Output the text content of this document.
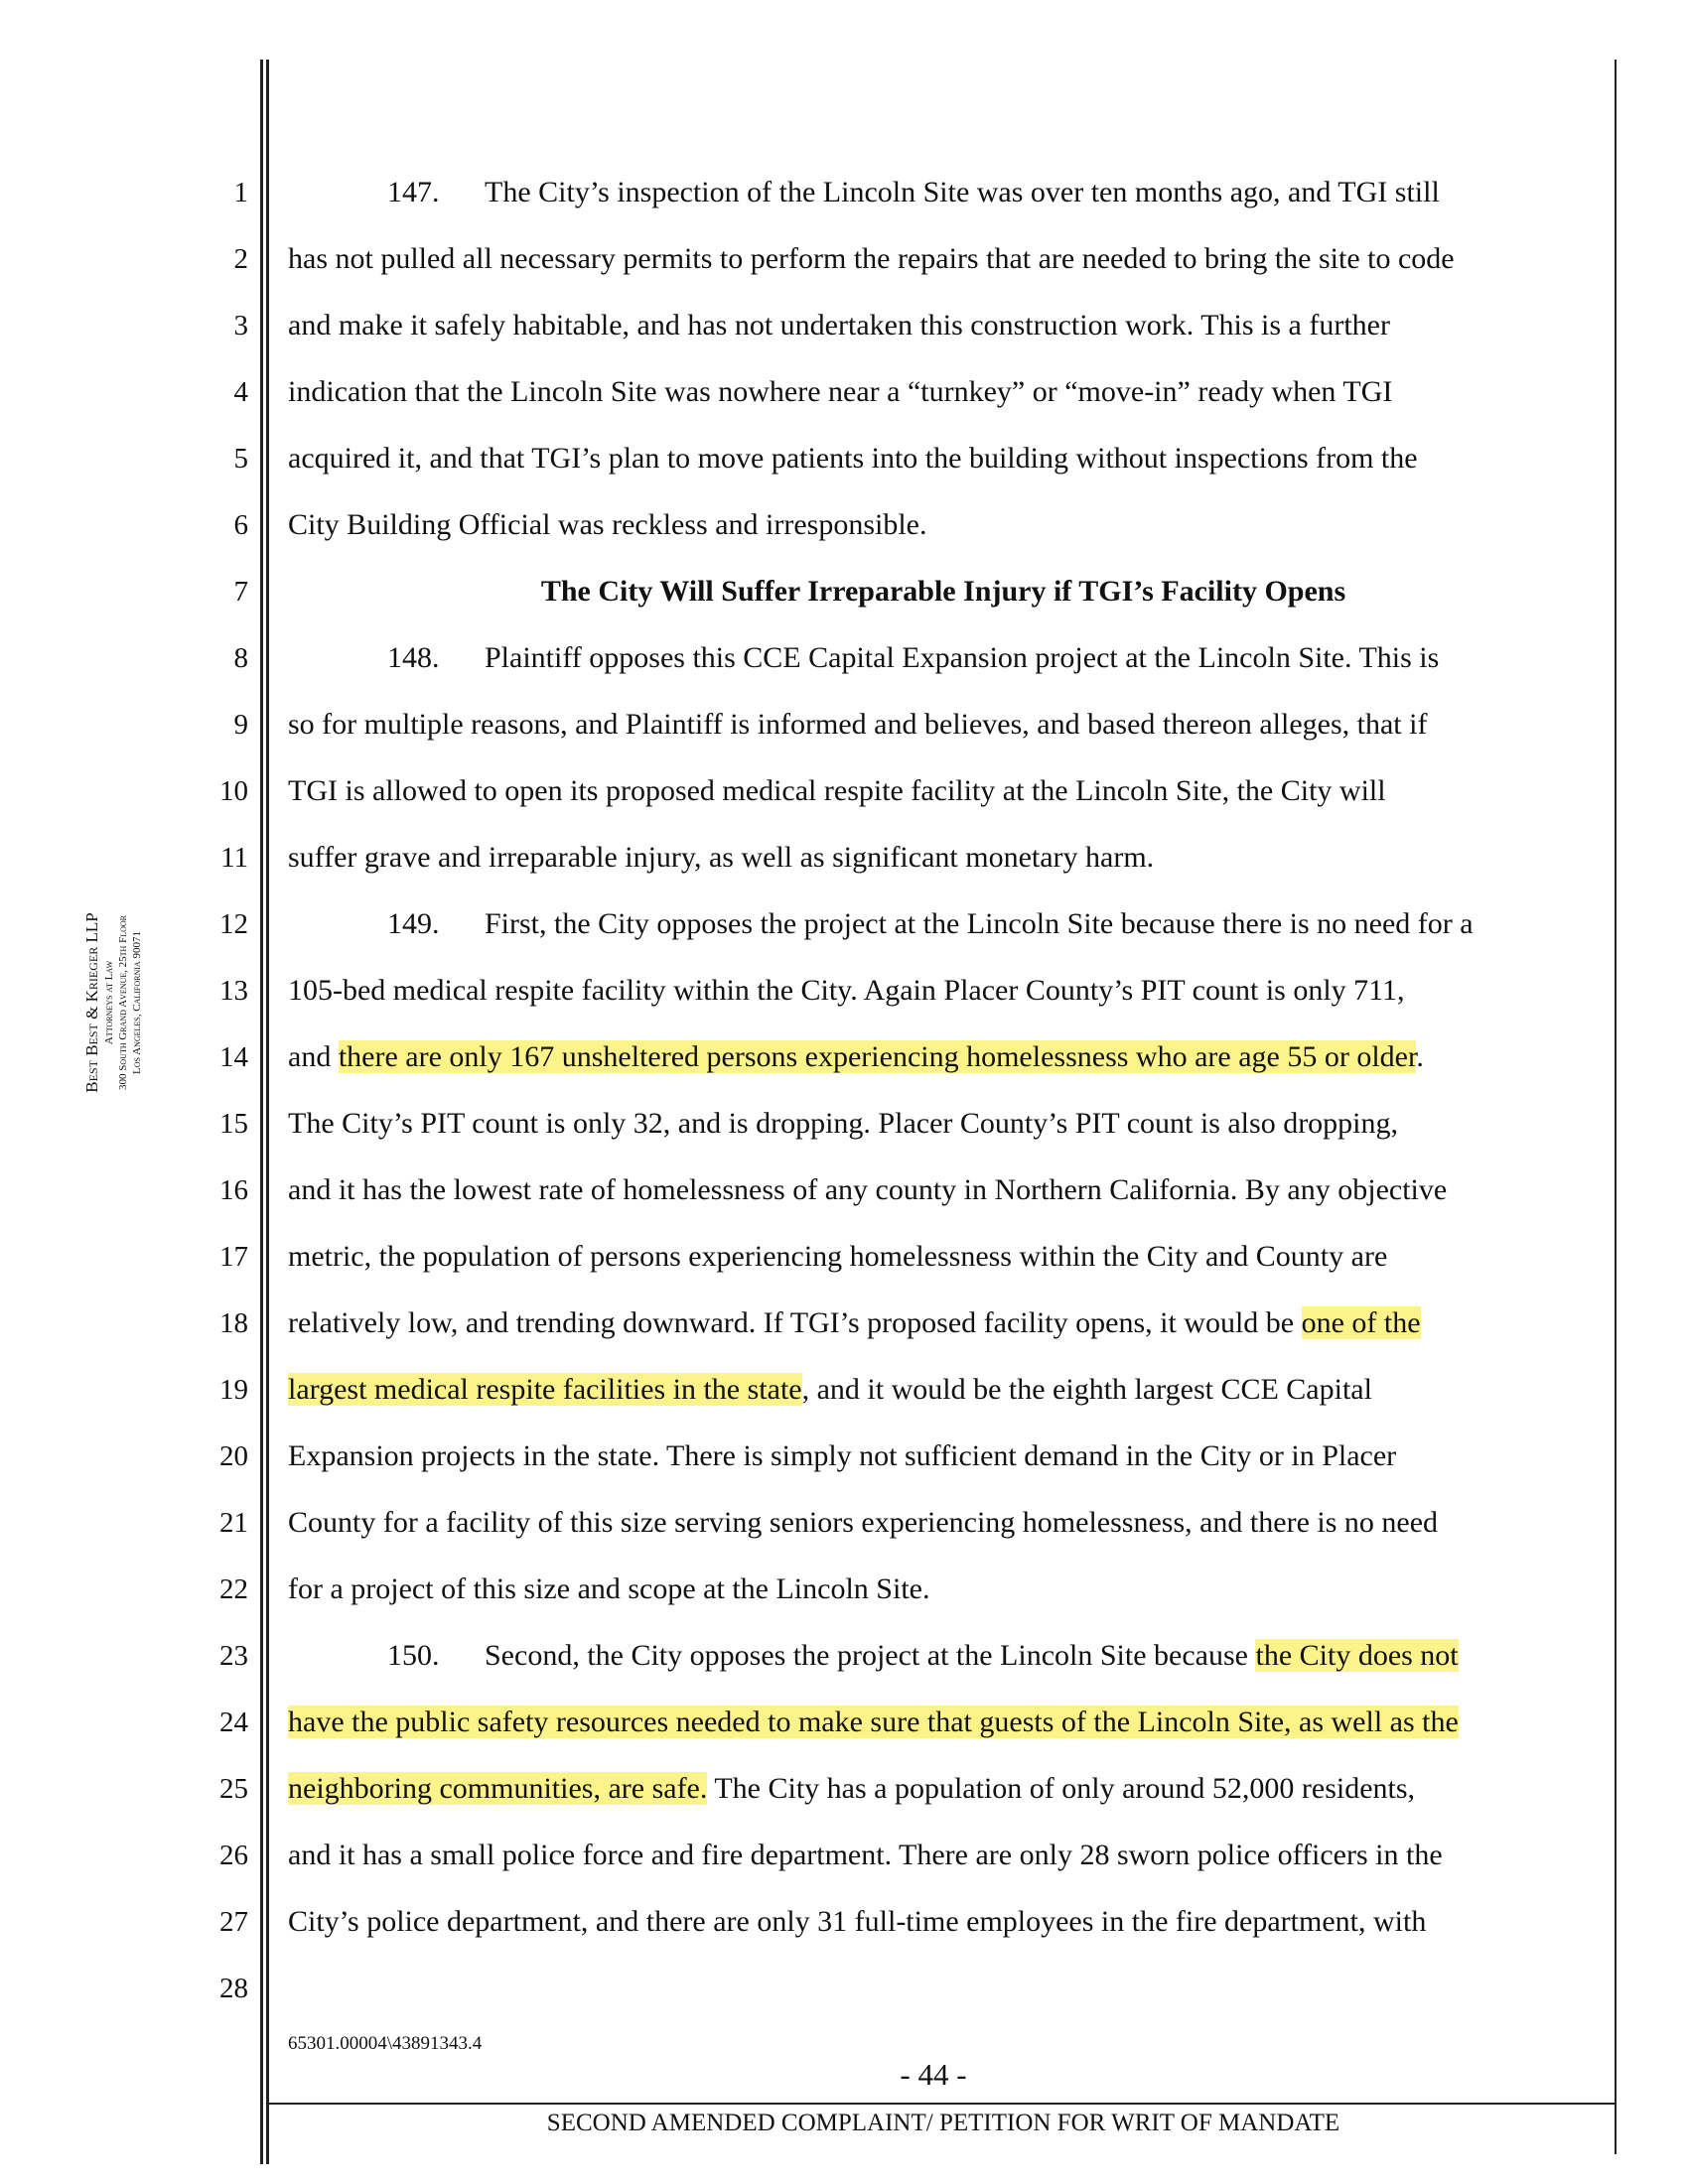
Best Best & Krieger LLP Attorneys at Law 300 South Grand Avenue, 25th Floor Los Angeles, California 90071
1
2
3
4
5
6
7
8
9
10
11
12
13
14
15
16
17
18
19
20
21
22
23
24
25
26
27
28
147. The City’s inspection of the Lincoln Site was over ten months ago, and TGI still
has not pulled all necessary permits to perform the repairs that are needed to bring the site to code
and make it safely habitable, and has not undertaken this construction work. This is a further
indication that the Lincoln Site was nowhere near a “turnkey” or “move-in” ready when TGI
acquired it, and that TGI’s plan to move patients into the building without inspections from the
City Building Official was reckless and irresponsible.
The City Will Suffer Irreparable Injury if TGI’s Facility Opens
148. Plaintiff opposes this CCE Capital Expansion project at the Lincoln Site. This is
so for multiple reasons, and Plaintiff is informed and believes, and based thereon alleges, that if
TGI is allowed to open its proposed medical respite facility at the Lincoln Site, the City will
suffer grave and irreparable injury, as well as significant monetary harm.
149. First, the City opposes the project at the Lincoln Site because there is no need for a
105-bed medical respite facility within the City. Again Placer County’s PIT count is only 711,
and there are only 167 unsheltered persons experiencing homelessness who are age 55 or older.
The City’s PIT count is only 32, and is dropping. Placer County’s PIT count is also dropping,
and it has the lowest rate of homelessness of any county in Northern California. By any objective
metric, the population of persons experiencing homelessness within the City and County are
relatively low, and trending downward. If TGI’s proposed facility opens, it would be one of the
largest medical respite facilities in the state, and it would be the eighth largest CCE Capital
Expansion projects in the state. There is simply not sufficient demand in the City or in Placer
County for a facility of this size serving seniors experiencing homelessness, and there is no need
for a project of this size and scope at the Lincoln Site.
150. Second, the City opposes the project at the Lincoln Site because the City does not
have the public safety resources needed to make sure that guests of the Lincoln Site, as well as the
neighboring communities, are safe. The City has a population of only around 52,000 residents,
and it has a small police force and fire department. There are only 28 sworn police officers in the
City’s police department, and there are only 31 full-time employees in the fire department, with
65301.00004\43891343.4
- 44 -
SECOND AMENDED COMPLAINT/ PETITION FOR WRIT OF MANDATE
